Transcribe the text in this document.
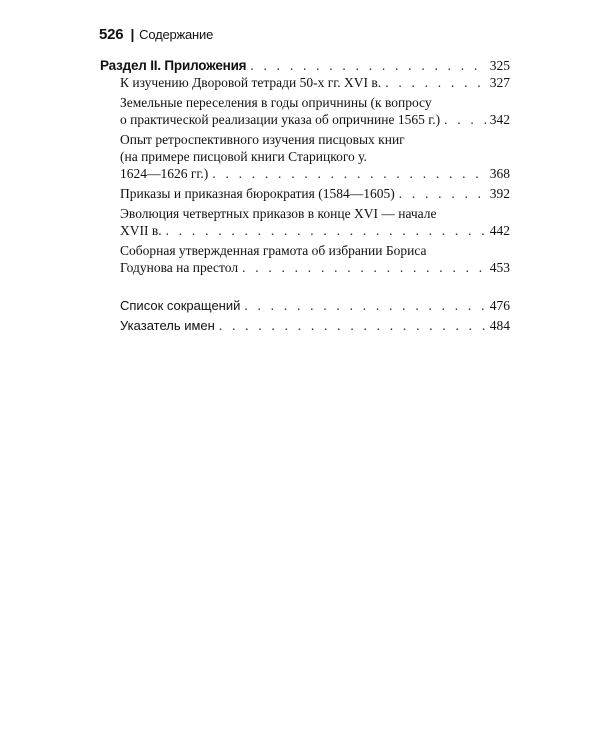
526 | Содержание
Раздел II. Приложения . . .	325
К изучению Дворовой тетради 50-х гг. XVI в. . . .	327
Земельные переселения в годы опричнины (к вопросу
о практической реализации указа об опричнине 1565 г.) . . .	342
Опыт ретроспективного изучения писцовых книг
(на примере писцовой книги Старицкого у.
1624—1626 гг.) . . .	368
Приказы и приказная бюрократия (1584—1605) . . .	392
Эволюция четвертных приказов в конце XVI — начале
XVII в. . . .	442
Соборная утвержденная грамота об избрании Бориса
Годунова на престол . . .	453
Список сокращений . . .	476
Указатель имен . . .	484
